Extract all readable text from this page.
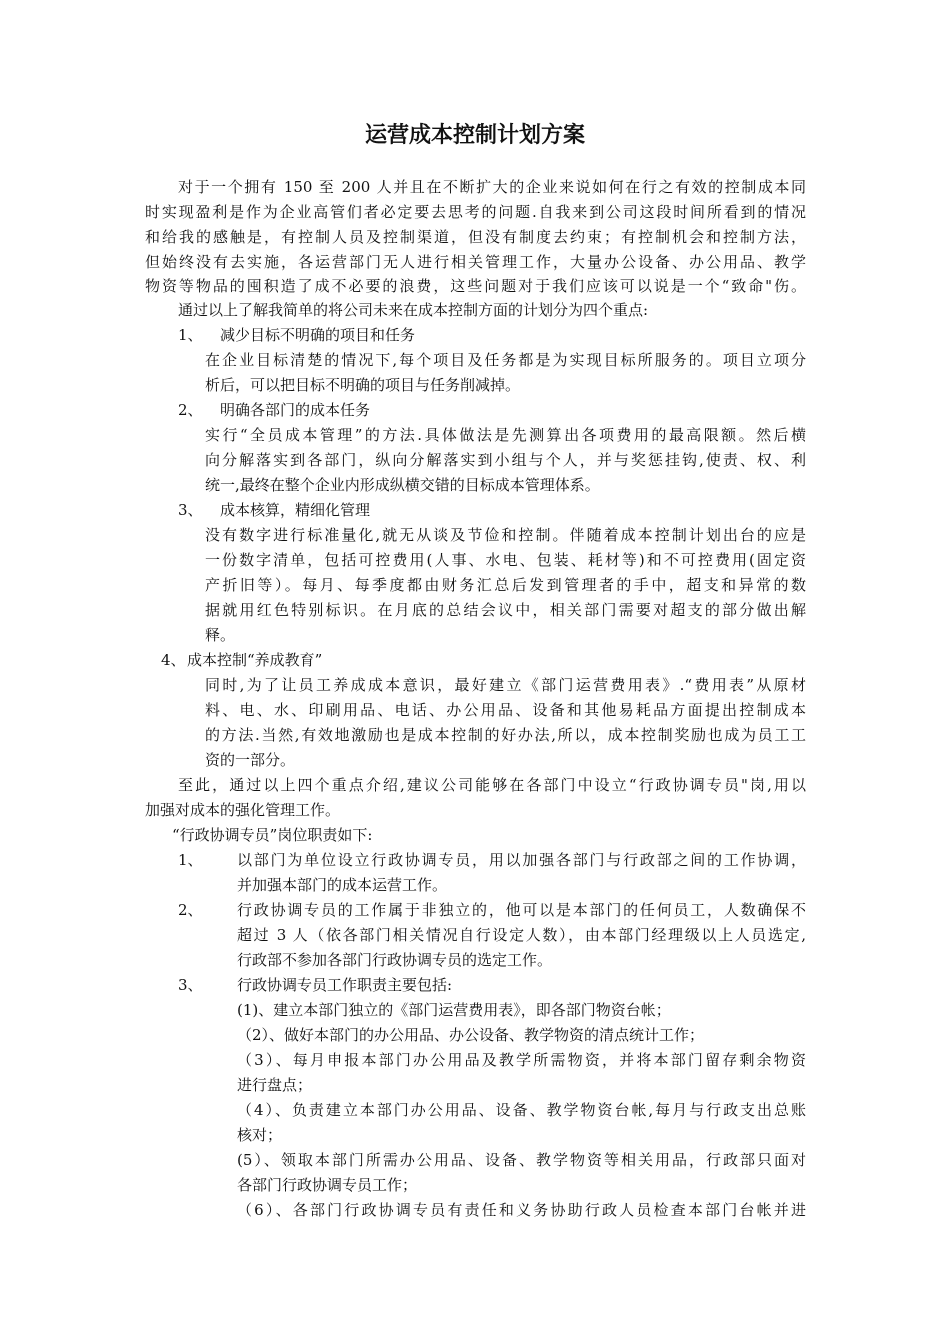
运营成本控制计划方案

对于一个拥有 150 至 200 人并且在不断扩大的企业来说如何在行之有效的控制成本同

时实现盈利是作为企业高管们者必定要去思考的问题.自我来到公司这段时间所看到的情况

和给我的感触是，有控制人员及控制渠道，但没有制度去约束；有控制机会和控制方法，

但始终没有去实施，各运营部门无人进行相关管理工作，大量办公设备、办公用品、教学

物资等物品的囤积造了成不必要的浪费，这些问题对于我们应该可以说是一个“致命"伤。

通过以上了解我简单的将公司未来在成本控制方面的计划分为四个重点:

1、 减少目标不明确的项目和任务

在企业目标清楚的情况下,每个项目及任务都是为实现目标所服务的。项目立项分

析后，可以把目标不明确的项目与任务削减掉。

2、 明确各部门的成本任务

实行“全员成本管理”的方法.具体做法是先测算出各项费用的最高限额。然后横

向分解落实到各部门，纵向分解落实到小组与个人，并与奖惩挂钩,使责、权、利

统一,最终在整个企业内形成纵横交错的目标成本管理体系。

3、 成本核算，精细化管理

没有数字进行标准量化,就无从谈及节俭和控制。伴随着成本控制计划出台的应是

一份数字清单，包括可控费用(人事、水电、包装、耗材等)和不可控费用(固定资

产折旧等）。每月、每季度都由财务汇总后发到管理者的手中，超支和异常的数

据就用红色特别标识。在月底的总结会议中，相关部门需要对超支的部分做出解

释。

4、 成本控制“养成教育”

同时,为了让员工养成成本意识，最好建立《部门运营费用表》.“费用表”从原材

料、电、水、印刷用品、电话、办公用品、设备和其他易耗品方面提出控制成本

的方法.当然,有效地激励也是成本控制的好办法,所以，成本控制奖励也成为员工工

资的一部分。

至此，通过以上四个重点介绍,建议公司能够在各部门中设立“行政协调专员"岗,用以

加强对成本的强化管理工作。

“行政协调专员”岗位职责如下:

1、 以部门为单位设立行政协调专员，用以加强各部门与行政部之间的工作协调，

并加强本部门的成本运营工作。

2、 行政协调专员的工作属于非独立的，他可以是本部门的任何员工，人数确保不

超过 3 人（依各部门相关情况自行设定人数），由本部门经理级以上人员选定,

行政部不参加各部门行政协调专员的选定工作。

3、 行政协调专员工作职责主要包括:

(1)、建立本部门独立的《部门运营费用表》，即各部门物资台帐；

（2）、做好本部门的办公用品、办公设备、教学物资的清点统计工作；

（3）、每月申报本部门办公用品及教学所需物资，并将本部门留存剩余物资

进行盘点；

（4）、负责建立本部门办公用品、设备、教学物资台帐,每月与行政支出总账

核对；

(5）、领取本部门所需办公用品、设备、教学物资等相关用品，行政部只面对

各部门行政协调专员工作；

（6）、各部门行政协调专员有责任和义务协助行政人员检查本部门台帐并进
